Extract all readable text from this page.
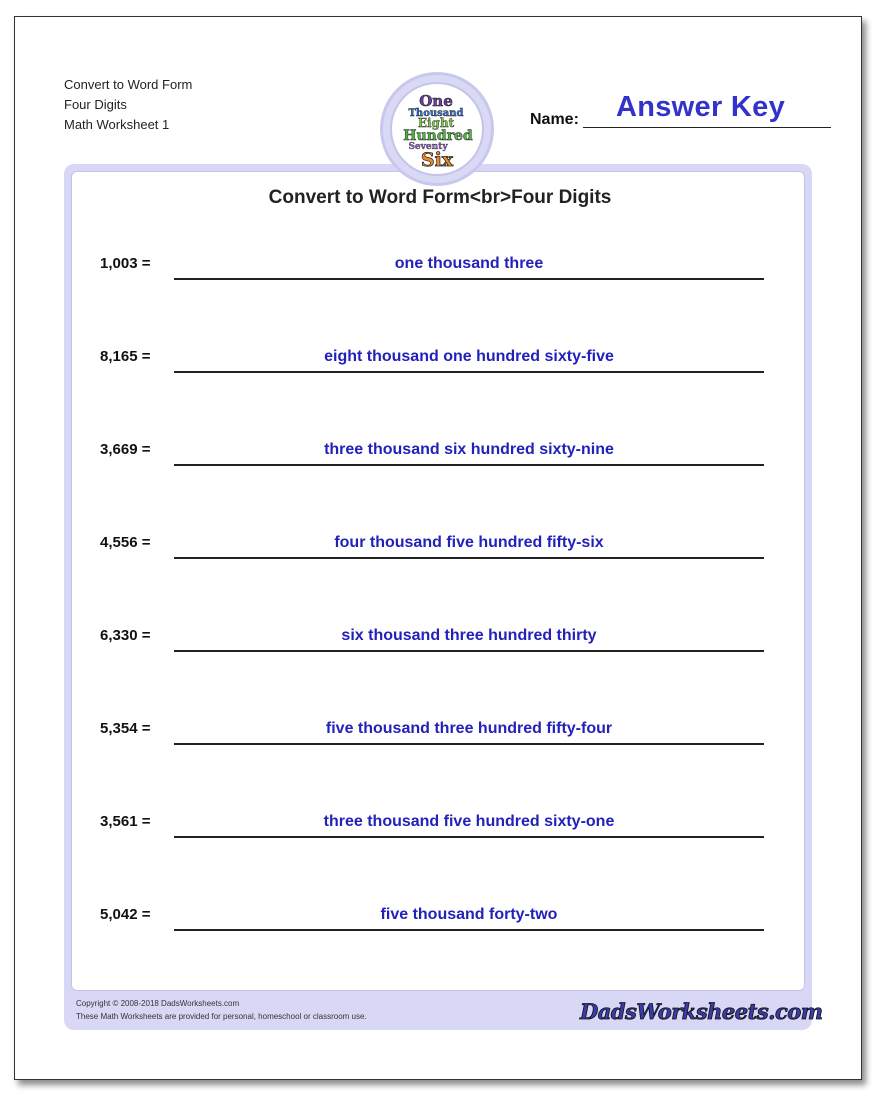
Convert to Word Form
Four Digits
Math Worksheet 1
One
Thousand
Eight
Hundred
Seventy
Six
Answer Key
Name:
Convert to Word Form<br>Four Digits
1,003 =	one thousand three
8,165 =	eight thousand one hundred sixty-five
3,669 =	three thousand six hundred sixty-nine
4,556 =	four thousand five hundred fifty-six
6,330 =	six thousand three hundred thirty
5,354 =	five thousand three hundred fifty-four
3,561 =	three thousand five hundred sixty-one
5,042 =	five thousand forty-two
Copyright © 2008-2018 DadsWorksheets.com
These Math Worksheets are provided for personal, homeschool or classroom use.	DadsWorksheets.com
